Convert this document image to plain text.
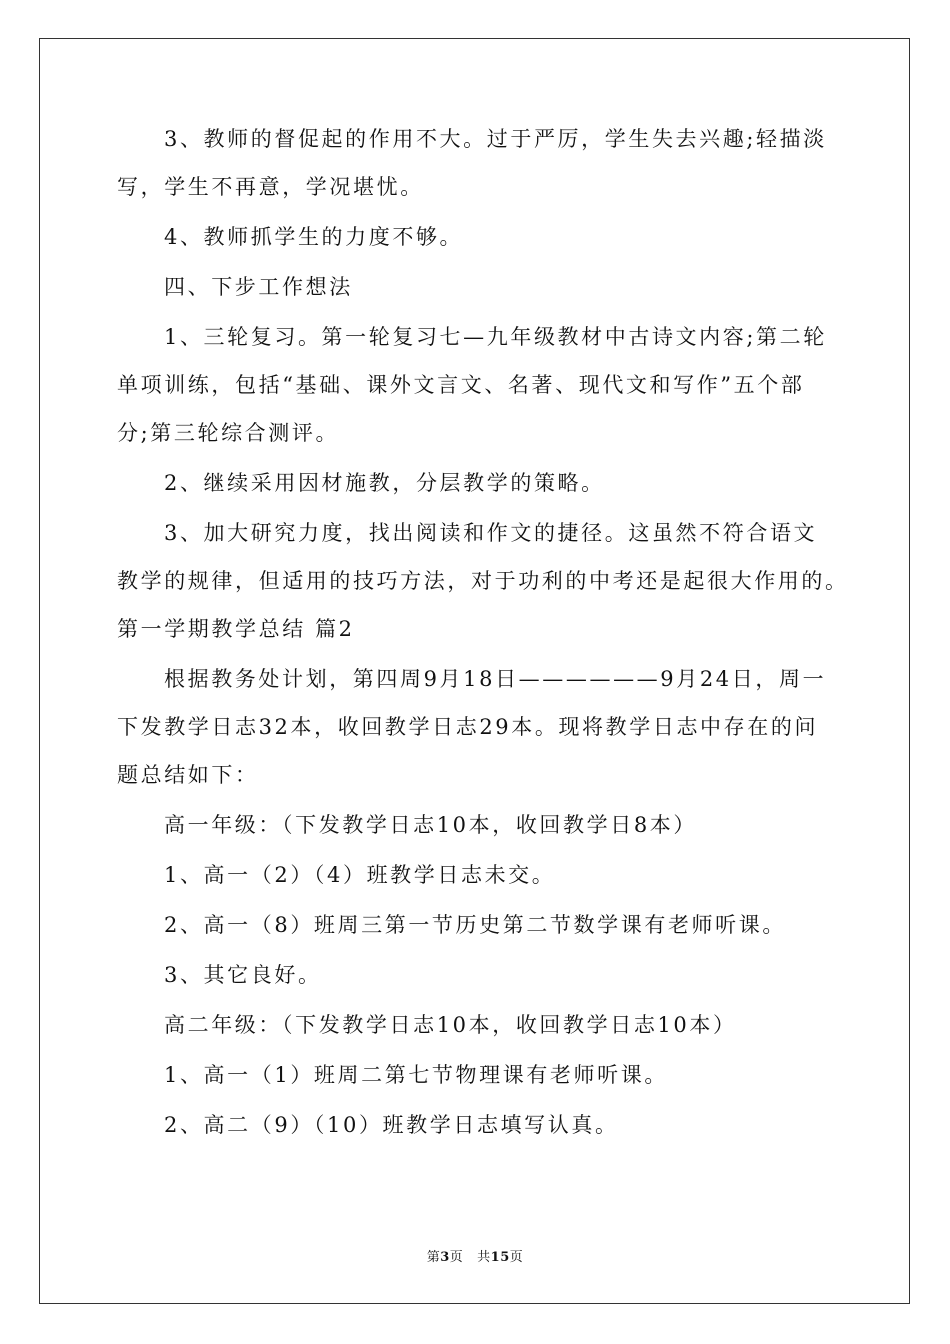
3、教师的督促起的作用不大。过于严厉，学生失去兴趣;轻描淡
写，学生不再意，学况堪忧。
4、教师抓学生的力度不够。
四、下步工作想法
1、三轮复习。第一轮复习七—九年级教材中古诗文内容;第二轮
单项训练，包括“基础、课外文言文、名著、现代文和写作”五个部
分;第三轮综合测评。
2、继续采用因材施教，分层教学的策略。
3、加大研究力度，找出阅读和作文的捷径。这虽然不符合语文
教学的规律，但适用的技巧方法，对于功利的中考还是起很大作用的。
第一学期教学总结 篇2
根据教务处计划，第四周9月18日——————9月24日，周一
下发教学日志32本，收回教学日志29本。现将教学日志中存在的问
题总结如下：
高一年级：（下发教学日志10本，收回教学日8本）
1、高一（2）（4）班教学日志未交。
2、高一（8）班周三第一节历史第二节数学课有老师听课。
3、其它良好。
高二年级：（下发教学日志10本，收回教学日志10本）
1、高一（1）班周二第七节物理课有老师听课。
2、高二（9）（10）班教学日志填写认真。
第3页   共15页
